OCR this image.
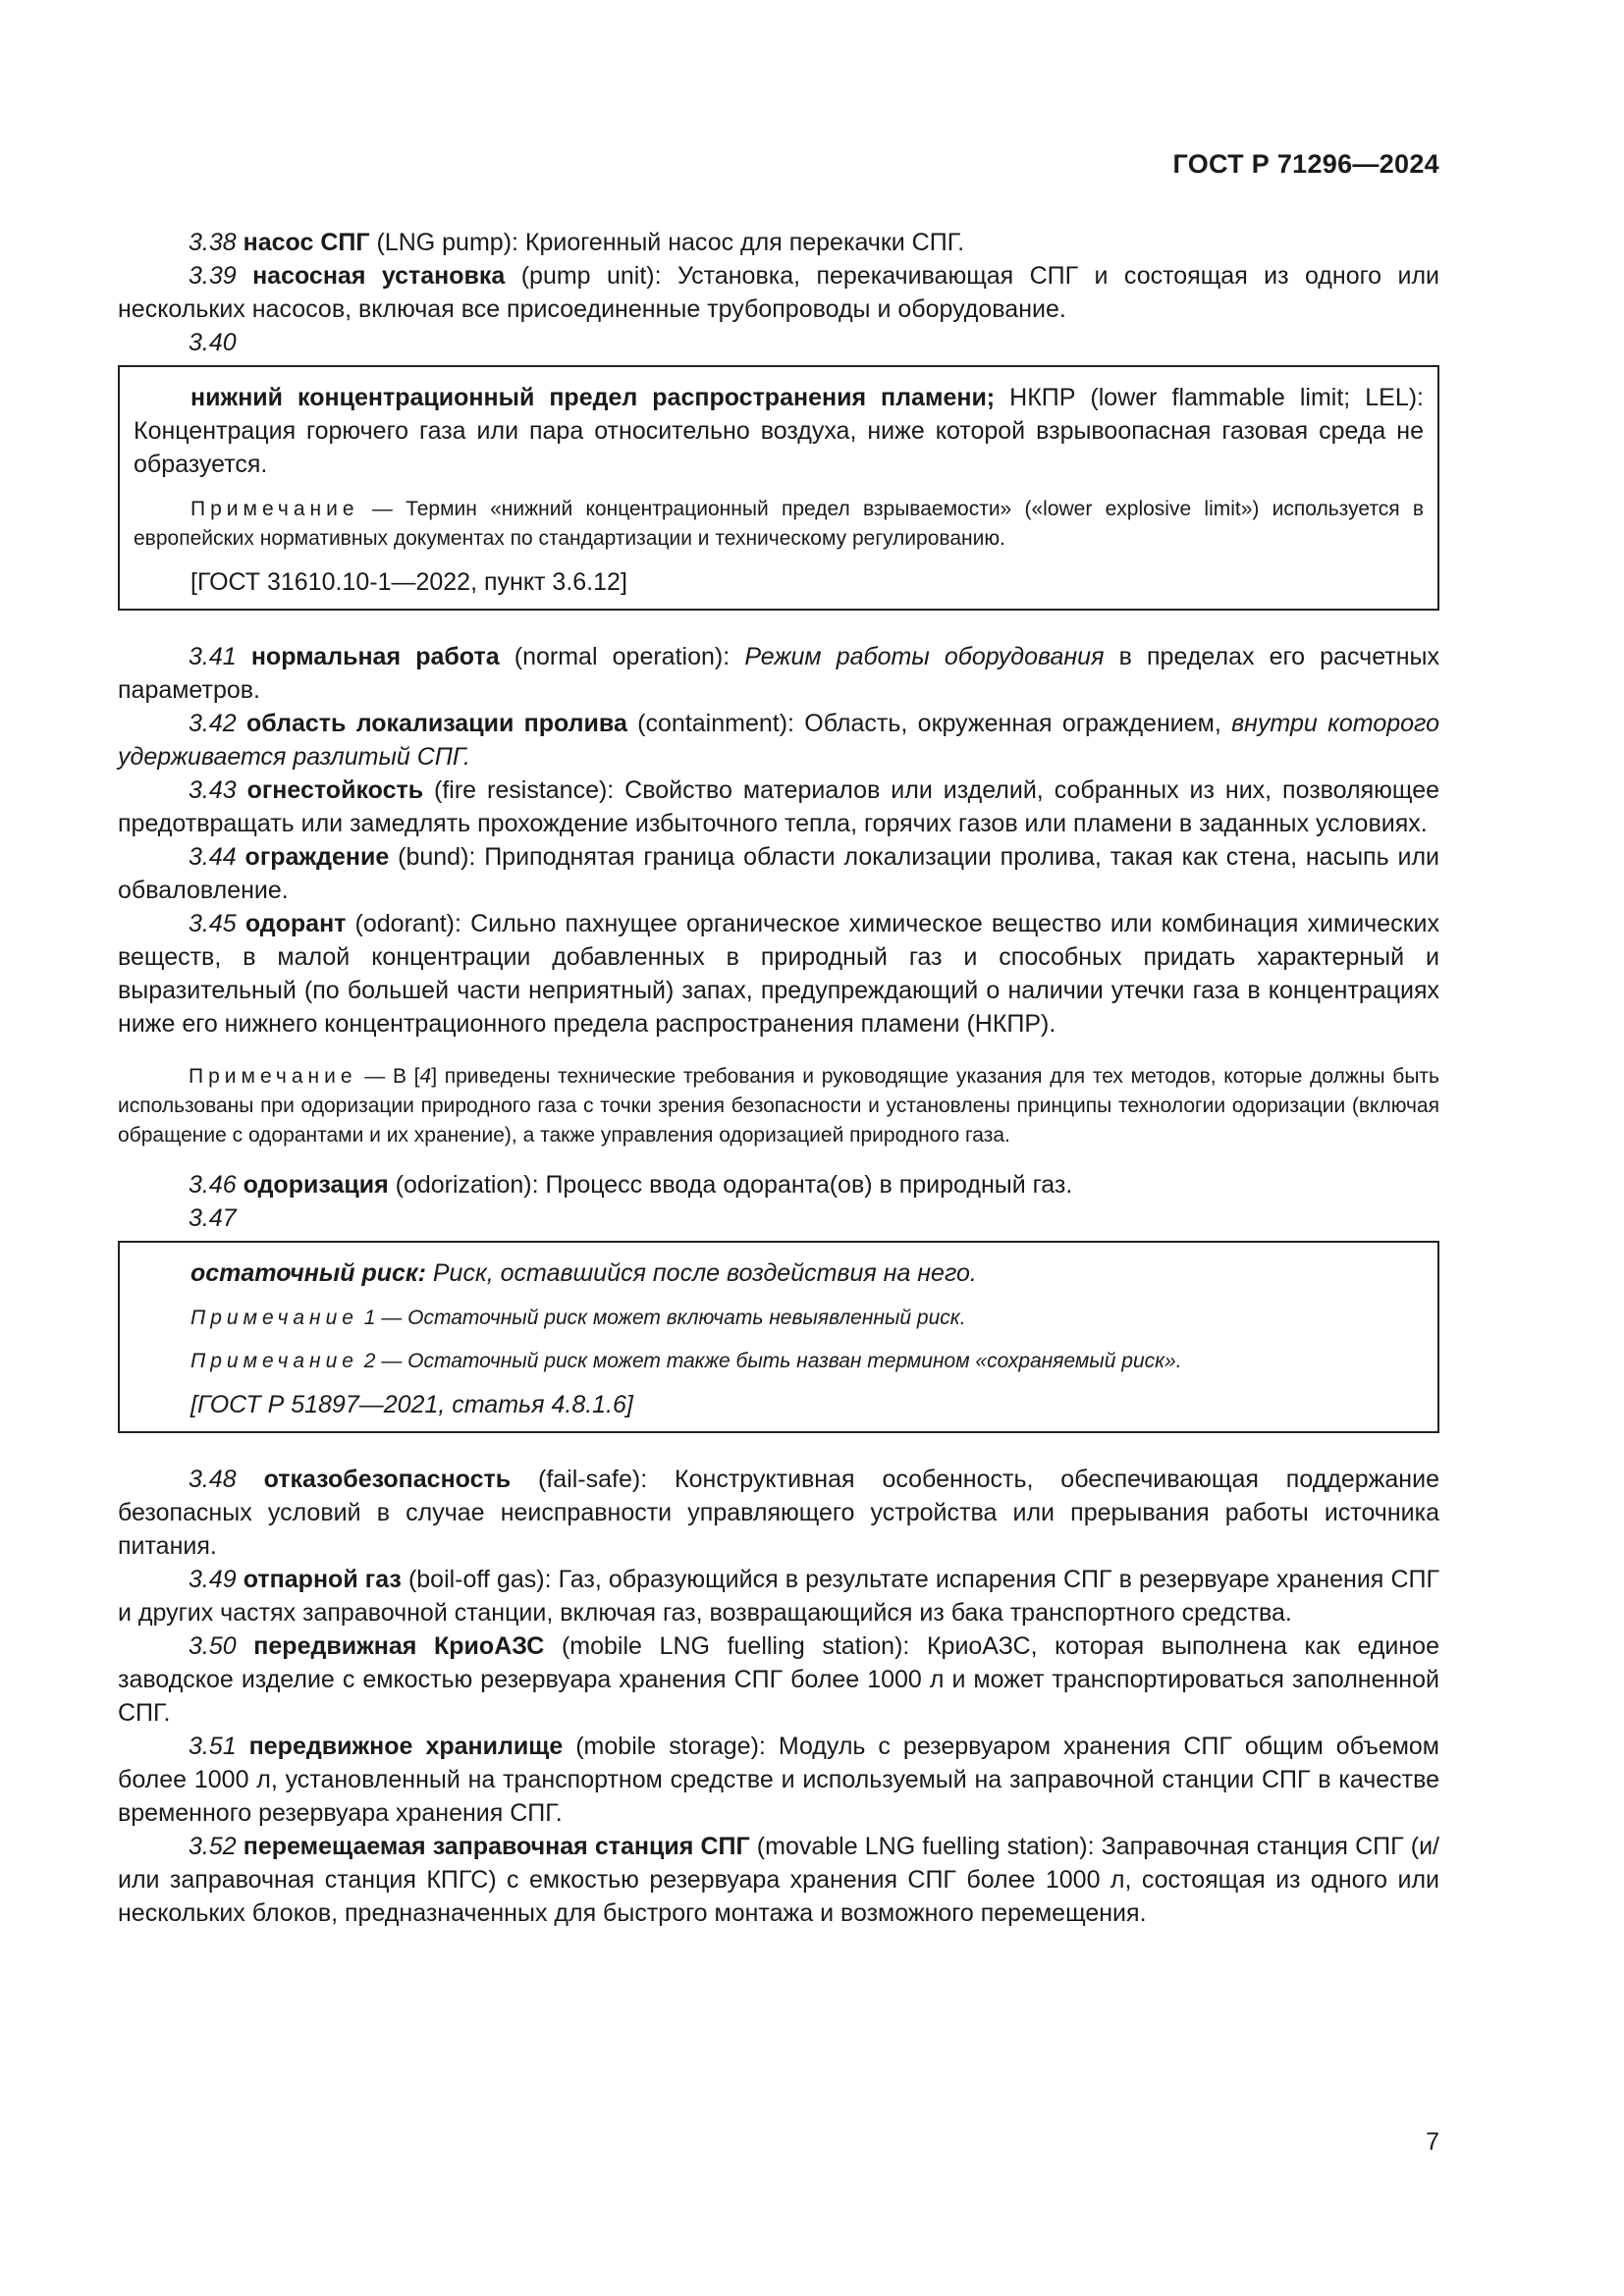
ГОСТ Р 71296—2024

3.38 насос СПГ (LNG pump): Криогенный насос для перекачки СПГ.

3.39 насосная установка (pump unit): Установка, перекачивающая СПГ и состоящая из одного или нескольких насосов, включая все присоединенные трубопроводы и оборудование.

3.40

нижний концентрационный предел распространения пламени; НКПР (lower flammable limit; LEL): Концентрация горючего газа или пара относительно воздуха, ниже которой взрывоопасная газовая среда не образуется.

Примечание — Термин «нижний концентрационный предел взрываемости» («lower explosive limit») используется в европейских нормативных документах по стандартизации и техническому регулированию.

[ГОСТ 31610.10-1—2022, пункт 3.6.12]

3.41 нормальная работа (normal operation): Режим работы оборудования в пределах его расчетных параметров.

3.42 область локализации пролива (containment): Область, окруженная ограждением, внутри которого удерживается разлитый СПГ.

3.43 огнестойкость (fire resistance): Свойство материалов или изделий, собранных из них, позволяющее предотвращать или замедлять прохождение избыточного тепла, горячих газов или пламени в заданных условиях.

3.44 ограждение (bund): Приподнятая граница области локализации пролива, такая как стена, насыпь или обваловление.

3.45 одорант (odorant): Сильно пахнущее органическое химическое вещество или комбинация химических веществ, в малой концентрации добавленных в природный газ и способных придать характерный и выразительный (по большей части неприятный) запах, предупреждающий о наличии утечки газа в концентрациях ниже его нижнего концентрационного предела распространения пламени (НКПР).

Примечание — В [4] приведены технические требования и руководящие указания для тех методов, которые должны быть использованы при одоризации природного газа с точки зрения безопасности и установлены принципы технологии одоризации (включая обращение с одорантами и их хранение), а также управления одоризацией природного газа.

3.46 одоризация (odorization): Процесс ввода одоранта(ов) в природный газ.

3.47

остаточный риск: Риск, оставшийся после воздействия на него.

Примечание 1 — Остаточный риск может включать невыявленный риск.

Примечание 2 — Остаточный риск может также быть назван термином «сохраняемый риск».

[ГОСТ Р 51897—2021, статья 4.8.1.6]

3.48 отказобезопасность (fail-safe): Конструктивная особенность, обеспечивающая поддержание безопасных условий в случае неисправности управляющего устройства или прерывания работы источника питания.

3.49 отпарной газ (boil-off gas): Газ, образующийся в результате испарения СПГ в резервуаре хранения СПГ и других частях заправочной станции, включая газ, возвращающийся из бака транспортного средства.

3.50 передвижная КриоАЗС (mobile LNG fuelling station): КриоАЗС, которая выполнена как единое заводское изделие с емкостью резервуара хранения СПГ более 1000 л и может транспортироваться заполненной СПГ.

3.51 передвижное хранилище (mobile storage): Модуль с резервуаром хранения СПГ общим объемом более 1000 л, установленный на транспортном средстве и используемый на заправочной станции СПГ в качестве временного резервуара хранения СПГ.

3.52 перемещаемая заправочная станция СПГ (movable LNG fuelling station): Заправочная станция СПГ (и/или заправочная станция КПГС) с емкостью резервуара хранения СПГ более 1000 л, состоящая из одного или нескольких блоков, предназначенных для быстрого монтажа и возможного перемещения.

7
